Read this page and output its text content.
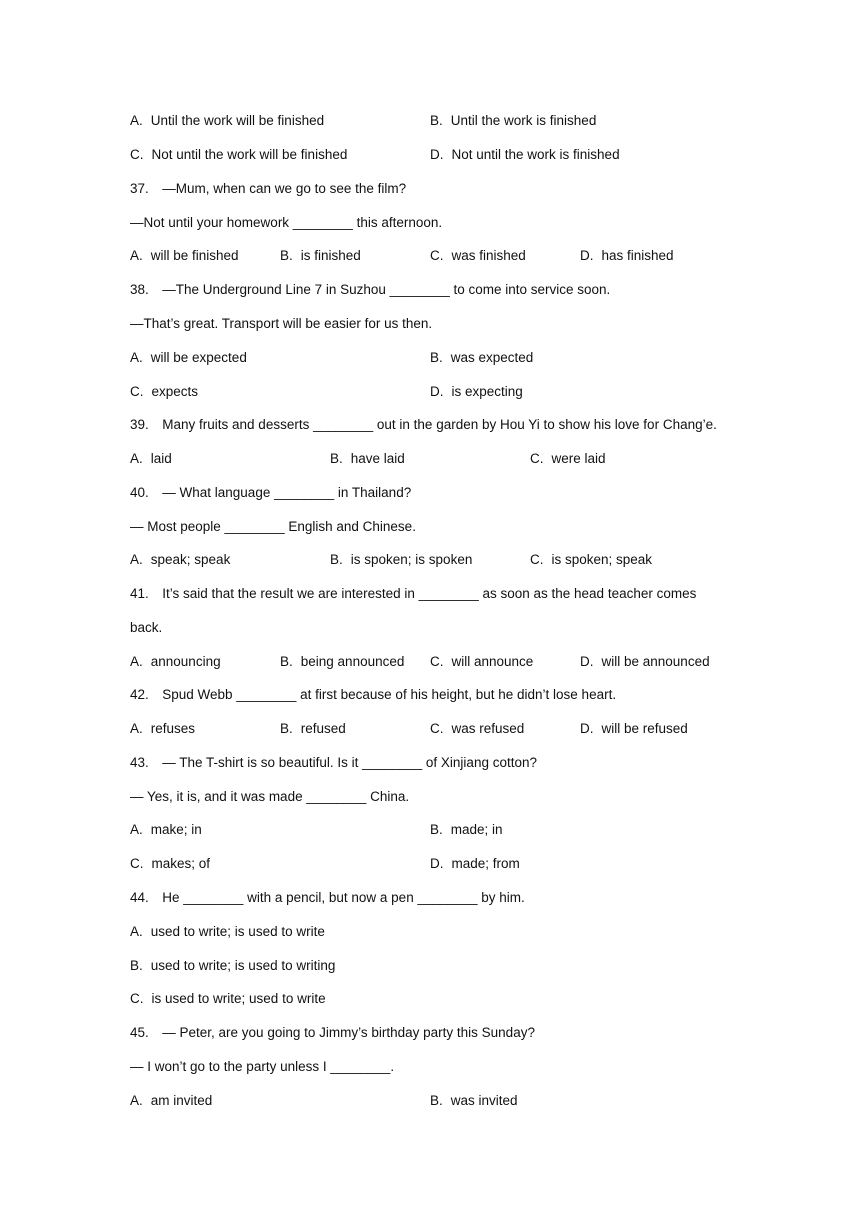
A. Until the work will be finished	B. Until the work is finished
C. Not until the work will be finished	D. Not until the work is finished
37.　—Mum, when can we go to see the film?
—Not until your homework ________ this afternoon.
A. will be finished	B. is finished	C. was finished	D. has finished
38.　—The Underground Line 7 in Suzhou ________ to come into service soon.
—That’s great. Transport will be easier for us then.
A. will be expected	B. was expected
C. expects	D. is expecting
39.　Many fruits and desserts ________ out in the garden by Hou Yi to show his love for Chang’e.
A. laid	B. have laid	C. were laid
40.　— What language ________ in Thailand?
— Most people ________ English and Chinese.
A. speak; speak	B. is spoken; is spoken	C. is spoken; speak
41.　It’s said that the result we are interested in ________ as soon as the head teacher comes
back.
A. announcing	B. being announced C. will announce	D. will be announced
42.　Spud Webb ________ at first because of his height, but he didn’t lose heart.
A. refuses	B. refused	C. was refused	D. will be refused
43.　— The T-shirt is so beautiful. Is it ________ of Xinjiang cotton?
— Yes, it is, and it was made ________ China.
A. make; in	B. made; in
C. makes; of	D. made; from
44.　He ________ with a pencil, but now a pen ________ by him.
A. used to write; is used to write
B. used to write; is used to writing
C. is used to write; used to write
45.　— Peter, are you going to Jimmy’s birthday party this Sunday?
— I won’t go to the party unless I ________.
A. am invited	B. was invited
